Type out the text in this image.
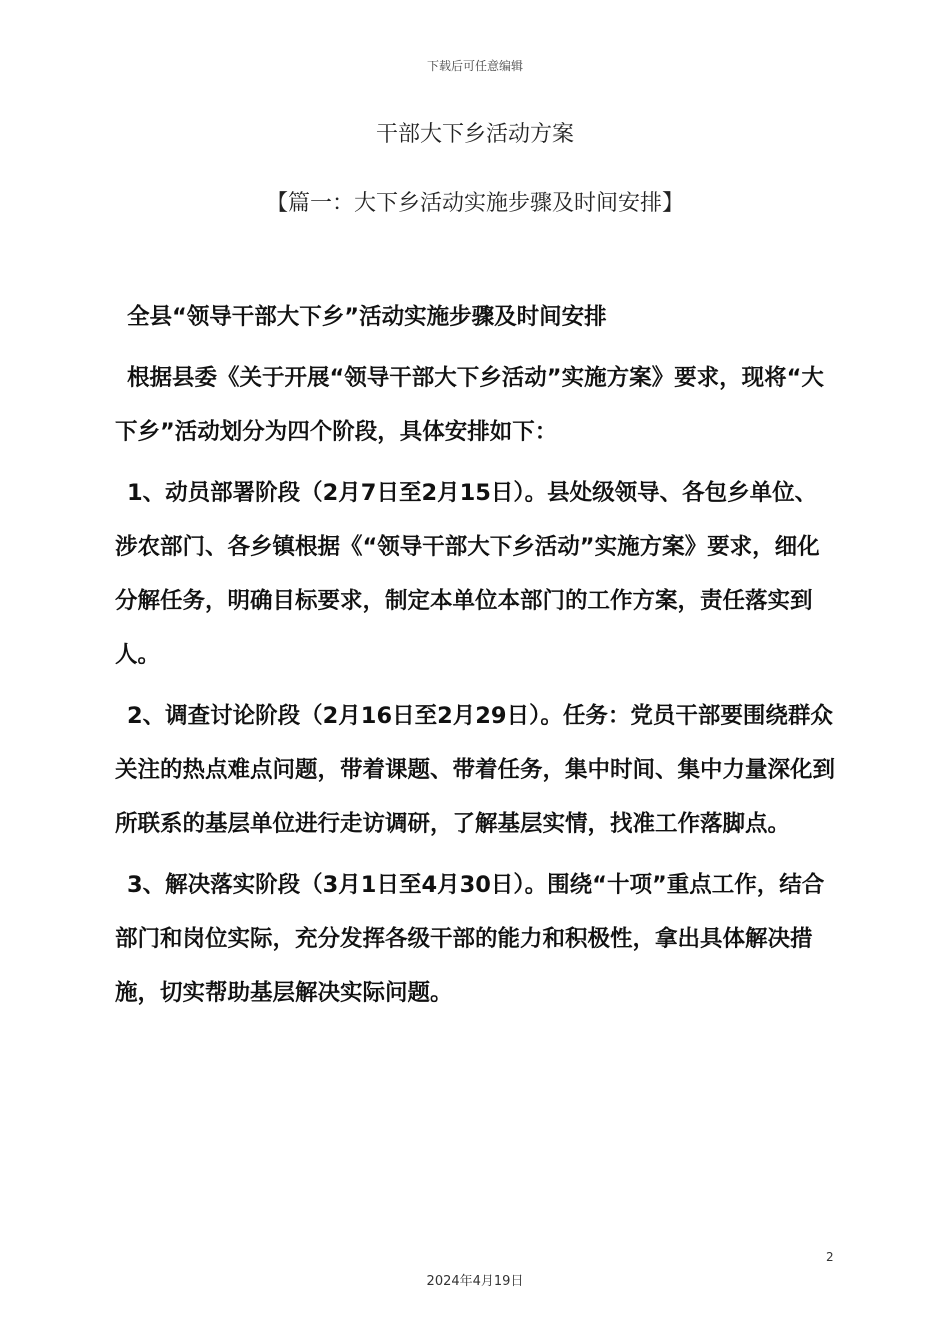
下载后可任意编辑
干部大下乡活动方案
【篇一：大下乡活动实施步骤及时间安排】

全县“领导干部大下乡”活动实施步骤及时间安排

根据县委《关于开展“领导干部大下乡活动”实施方案》要求，现将“大下乡”活动划分为四个阶段，具体安排如下：

1、动员部署阶段（2月7日至2月15日）。县处级领导、各包乡单位、涉农部门、各乡镇根据《“领导干部大下乡活动”实施方案》要求，细化分解任务，明确目标要求，制定本单位本部门的工作方案，责任落实到人。

2、调查讨论阶段（2月16日至2月29日）。任务：党员干部要围绕群众关注的热点难点问题，带着课题、带着任务，集中时间、集中力量深化到所联系的基层单位进行走访调研，了解基层实情，找准工作落脚点。

3、解决落实阶段（3月1日至4月30日）。围绕“十项”重点工作，结合部门和岗位实际，充分发挥各级干部的能力和积极性，拿出具体解决措施，切实帮助基层解决实际问题。

2
2024年4月19日
